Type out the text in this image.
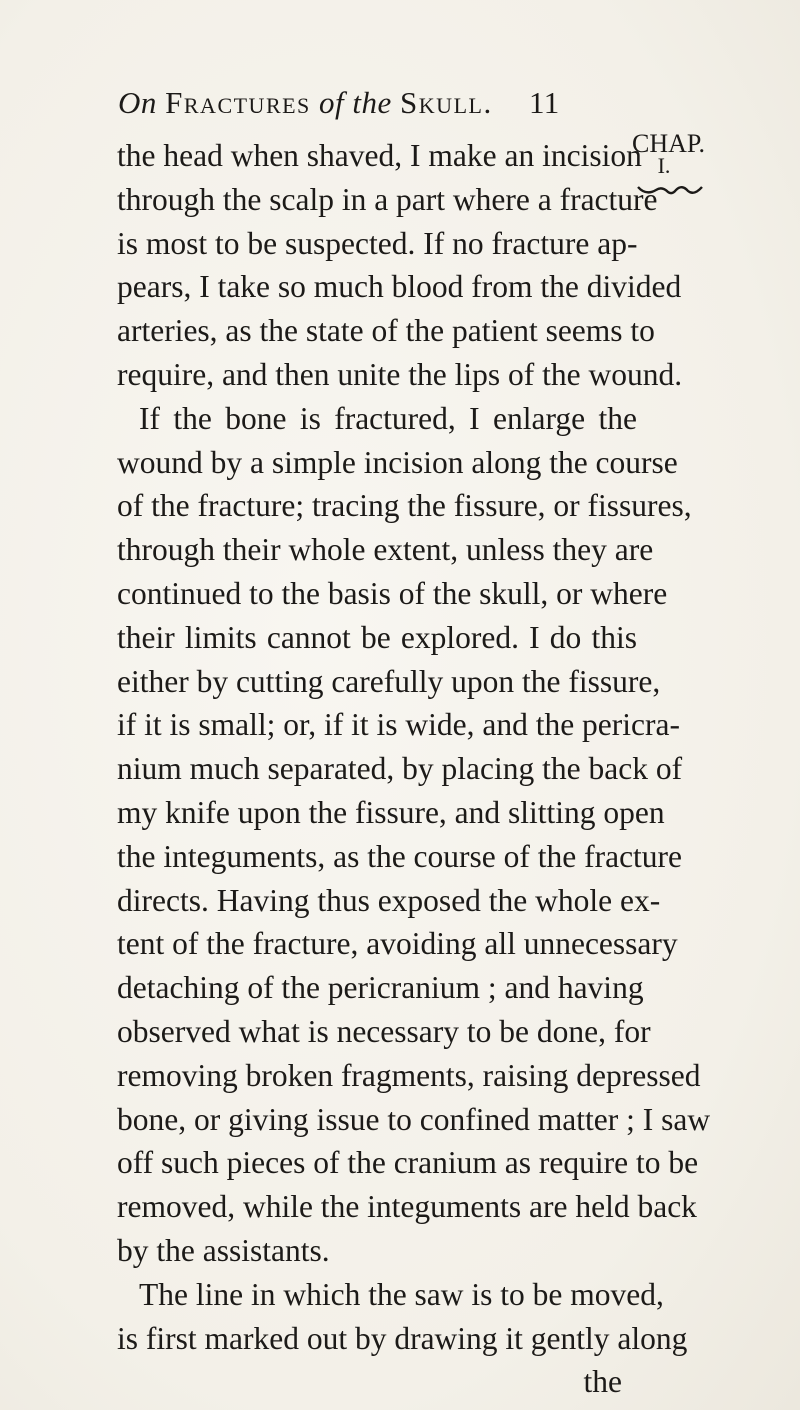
On Fractures of the Skull. 11
CHAP.
I.
the head when shaved, I make an incision
through the scalp in a part where a fracture
is most to be suspected. If no fracture ap-
pears, I take so much blood from the divided
arteries, as the state of the patient seems to
require, and then unite the lips of the wound.
If the bone is fractured, I enlarge the
wound by a simple incision along the course
of the fracture; tracing the fissure, or fissures,
through their whole extent, unless they are
continued to the basis of the skull, or where
their limits cannot be explored. I do this
either by cutting carefully upon the fissure,
if it is small; or, if it is wide, and the pericra-
nium much separated, by placing the back of
my knife upon the fissure, and slitting open
the integuments, as the course of the fracture
directs. Having thus exposed the whole ex-
tent of the fracture, avoiding all unnecessary
detaching of the pericranium ; and having
observed what is necessary to be done, for
removing broken fragments, raising depressed
bone, or giving issue to confined matter ; I saw
off such pieces of the cranium as require to be
removed, while the integuments are held back
by the assistants.
The line in which the saw is to be moved,
is first marked out by drawing it gently along
the
